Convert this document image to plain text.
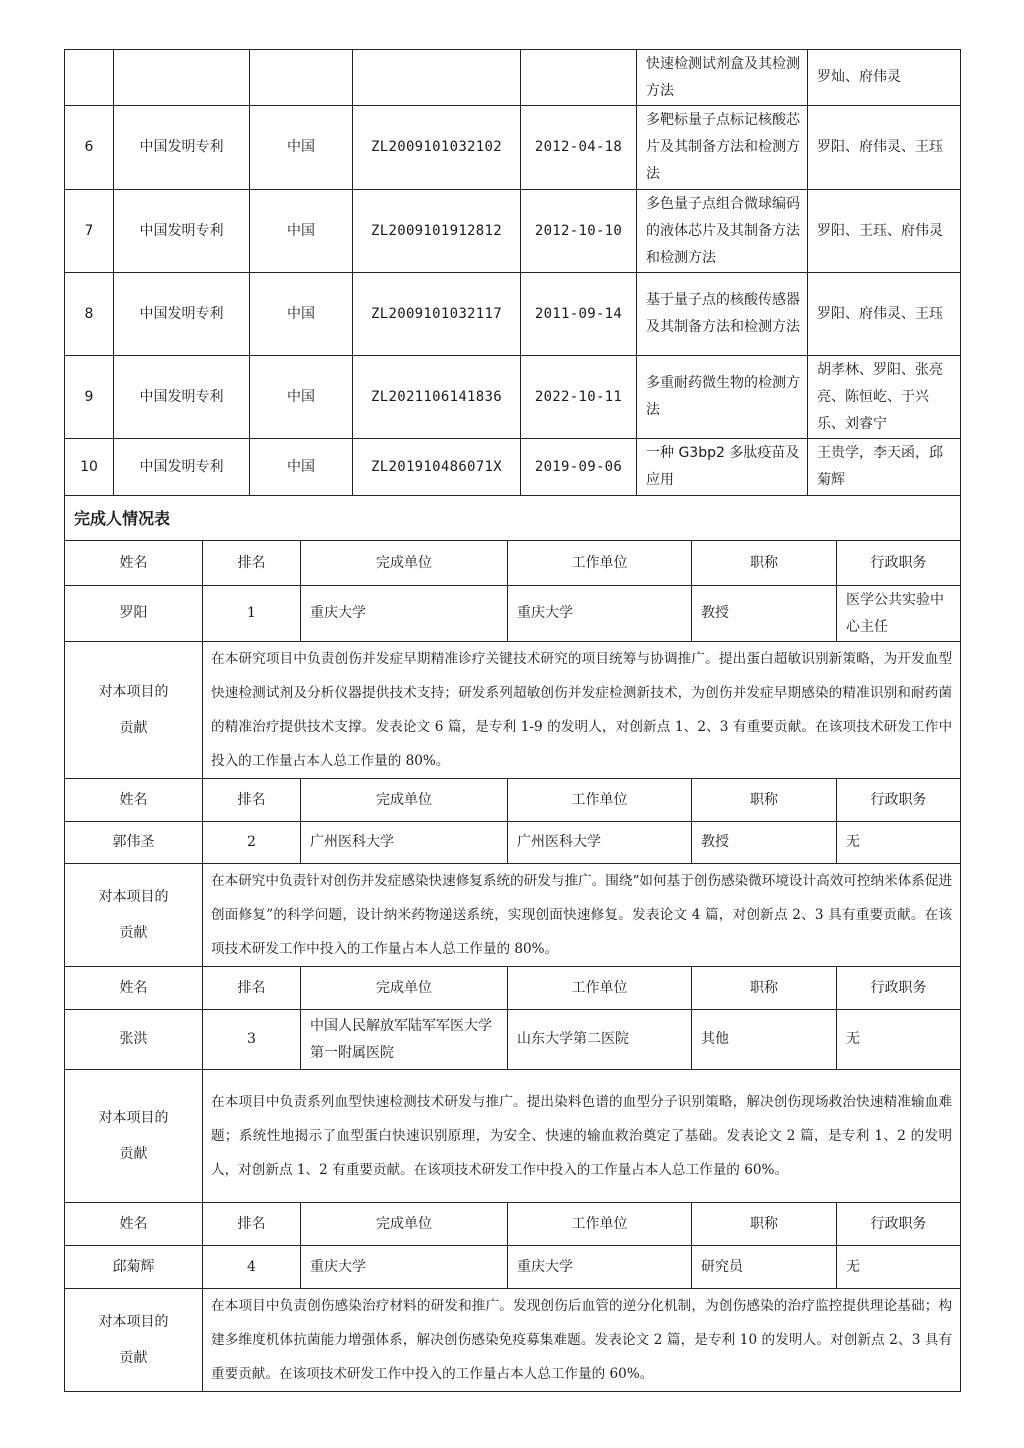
					快速检测试剂盒及其检测方法	罗灿、府伟灵
6	中国发明专利	中国	ZL2009101032102	2012-04-18	多靶标量子点标记核酸芯片及其制备方法和检测方法	罗阳、府伟灵、王珏
7	中国发明专利	中国	ZL2009101912812	2012-10-10	多色量子点组合微球编码的液体芯片及其制备方法和检测方法	罗阳、王珏、府伟灵
8	中国发明专利	中国	ZL2009101032117	2011-09-14	基于量子点的核酸传感器及其制备方法和检测方法	罗阳、府伟灵、王珏
9	中国发明专利	中国	ZL2021106141836	2022-10-11	多重耐药微生物的检测方法	胡孝林、罗阳、张亮亮、陈恒屹、于兴乐、刘睿宁
10	中国发明专利	中国	ZL201910486071X	2019-09-06	一种 G3bp2 多肽疫苗及应用	王贵学，李天函，邱菊辉
完成人情况表					
姓名	排名	完成单位	工作单位	职称	行政职务
罗阳	1	重庆大学	重庆大学	教授	医学公共实验中心主任
对本项目的
贡献	在本研究项目中负责创伤并发症早期精准诊疗关键技术研究的项目统筹与协调推广。提出蛋白超敏识别新策略，为开发血型快速检测试剂及分析仪器提供技术支持；研发系列超敏创伤并发症检测新技术，为创伤并发症早期感染的精准识别和耐药菌的精准治疗提供技术支撑。发表论文 6 篇，是专利 1-9 的发明人，对创新点 1、2、3 有重要贡献。在该项技术研发工作中投入的工作量占本人总工作量的 80%。				
姓名	排名	完成单位	工作单位	职称	行政职务
郭伟圣	2	广州医科大学	广州医科大学	教授	无
对本项目的
贡献	在本研究中负责针对创伤并发症感染快速修复系统的研发与推广。围绕“如何基于创伤感染微环境设计高效可控纳米体系促进创面修复”的科学问题，设计纳米药物递送系统，实现创面快速修复。发表论文 4 篇，对创新点 2、3 具有重要贡献。在该项技术研发工作中投入的工作量占本人总工作量的 80%。				
姓名	排名	完成单位	工作单位	职称	行政职务
张洪	3	中国人民解放军陆军军医大学第一附属医院	山东大学第二医院	其他	无
对本项目的
贡献	在本项目中负责系列血型快速检测技术研发与推广。提出染料色谱的血型分子识别策略，解决创伤现场救治快速精准输血难题；系统性地揭示了血型蛋白快速识别原理，为安全、快速的输血救治奠定了基础。发表论文 2 篇，是专利 1、2 的发明人，对创新点 1、2 有重要贡献。在该项技术研发工作中投入的工作量占本人总工作量的 60%。				
姓名	排名	完成单位	工作单位	职称	行政职务
邱菊辉	4	重庆大学	重庆大学	研究员	无
对本项目的
贡献	在本项目中负责创伤感染治疗材料的研发和推广。发现创伤后血管的逆分化机制，为创伤感染的治疗监控提供理论基础；构建多维度机体抗菌能力增强体系，解决创伤感染免疫募集难题。发表论文 2 篇，是专利 10 的发明人。对创新点 2、3 具有重要贡献。在该项技术研发工作中投入的工作量占本人总工作量的 60%。				
